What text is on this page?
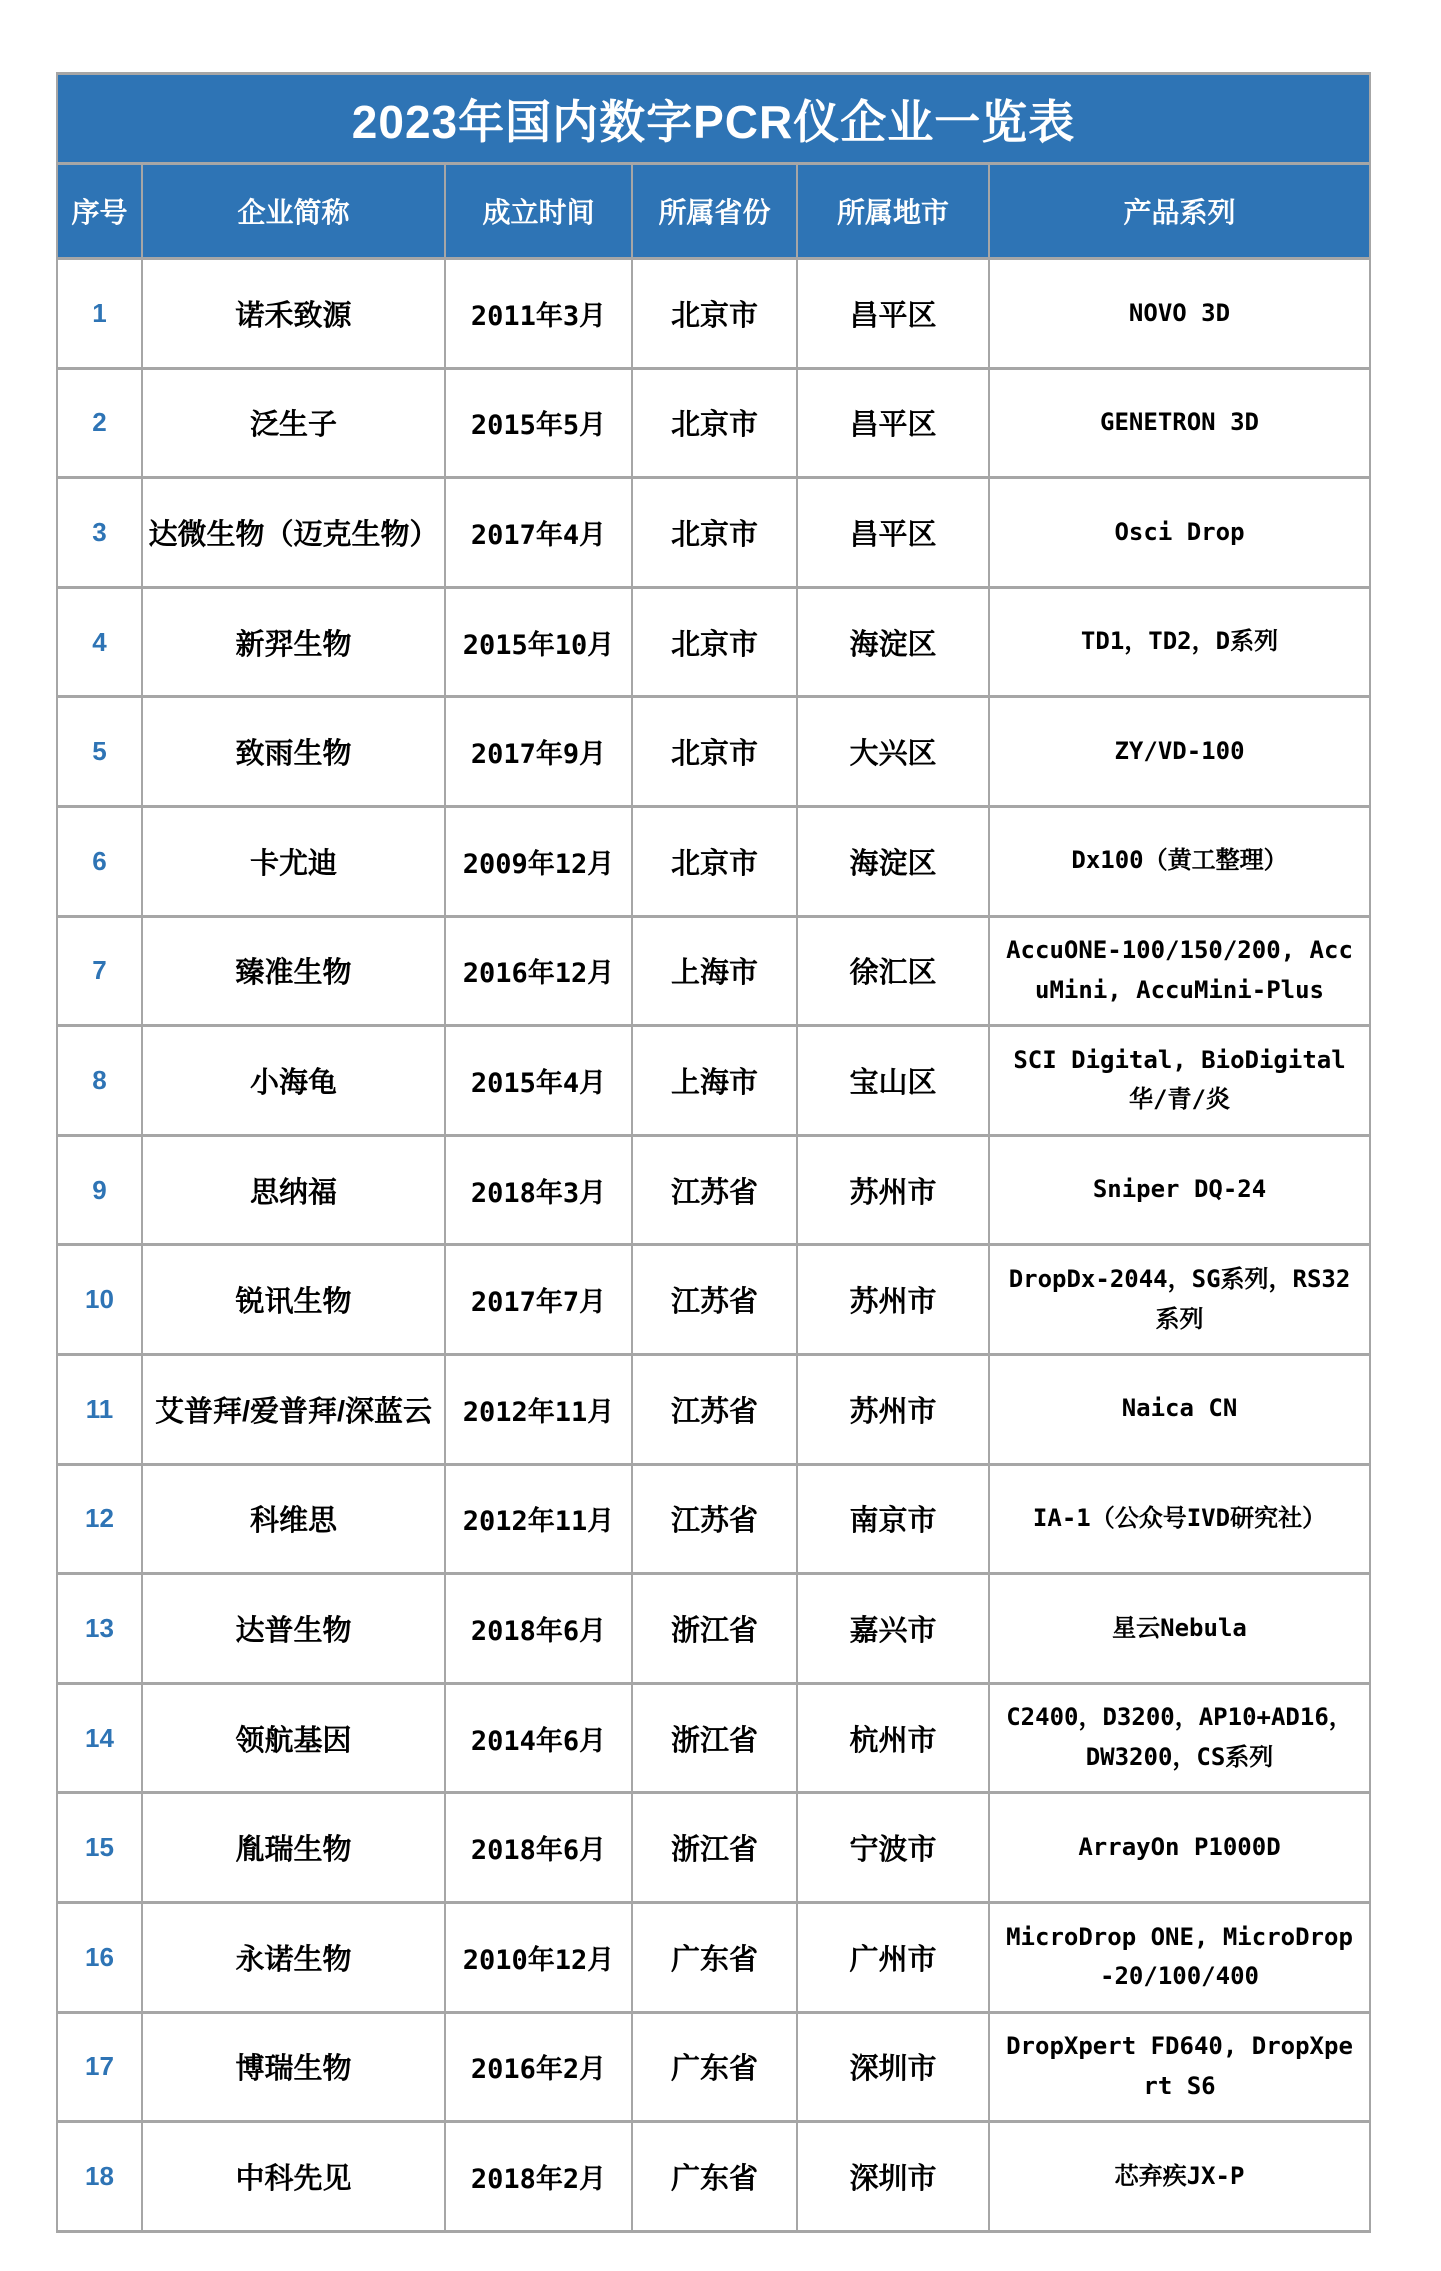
2023年国内数字PCR仪企业一览表					
序号	企业简称	成立时间	所属省份	所属地市	产品系列
1	诺禾致源	2011年3月	北京市	昌平区	NOVO 3D
2	泛生子	2015年5月	北京市	昌平区	GENETRON 3D
3	达微生物（迈克生物）	2017年4月	北京市	昌平区	Osci Drop
4	新羿生物	2015年10月	北京市	海淀区	TD1，TD2，D系列
5	致雨生物	2017年9月	北京市	大兴区	ZY/VD-100
6	卡尤迪	2009年12月	北京市	海淀区	Dx100（黄工整理）
7	臻准生物	2016年12月	上海市	徐汇区	AccuONE-100/150/200, AccuMini, AccuMini-Plus
8	小海龟	2015年4月	上海市	宝山区	SCI Digital, BioDigital 华/青/炎
9	思纳福	2018年3月	江苏省	苏州市	Sniper DQ-24
10	锐讯生物	2017年7月	江苏省	苏州市	DropDx-2044，SG系列，RS32系列
11	艾普拜/爱普拜/深蓝云	2012年11月	江苏省	苏州市	Naica CN
12	科维思	2012年11月	江苏省	南京市	IA-1（公众号IVD研究社）
13	达普生物	2018年6月	浙江省	嘉兴市	星云Nebula
14	领航基因	2014年6月	浙江省	杭州市	C2400，D3200，AP10+AD16，DW3200，CS系列
15	胤瑞生物	2018年6月	浙江省	宁波市	ArrayOn P1000D
16	永诺生物	2010年12月	广东省	广州市	MicroDrop ONE, MicroDrop-20/100/400
17	博瑞生物	2016年2月	广东省	深圳市	DropXpert FD640, DropXpert S6
18	中科先见	2018年2月	广东省	深圳市	芯弃疾JX-P
